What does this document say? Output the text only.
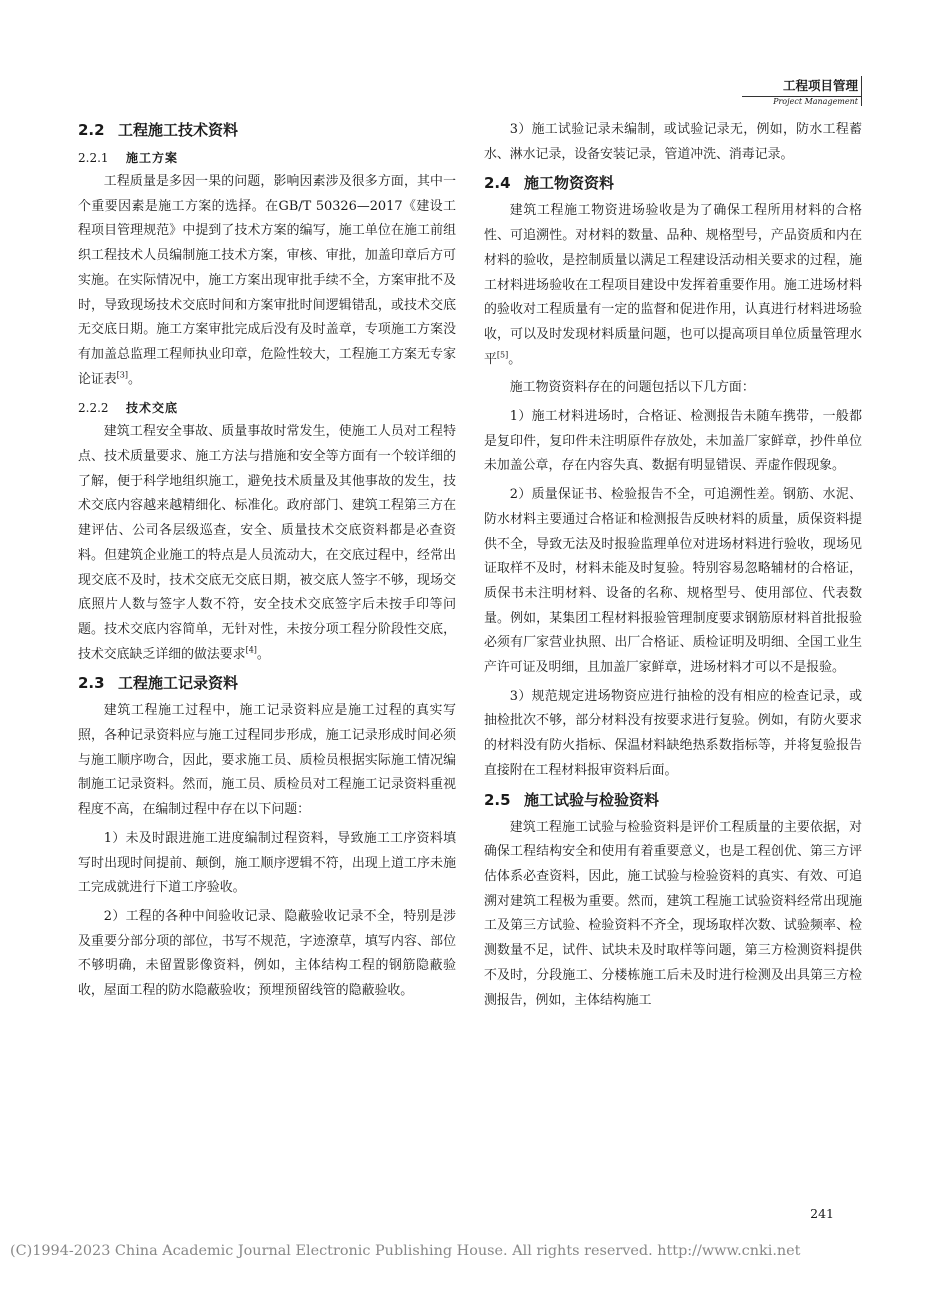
工程项目管理
Project Management
2.2 工程施工技术资料
2.2.1 施工方案

工程质量是多因一果的问题，影响因素涉及很多方面，其中一个重要因素是施工方案的选择。在GB/T 50326—2017《建设工程项目管理规范》中提到了技术方案的编写，施工单位在施工前组织工程技术人员编制施工技术方案，审核、审批，加盖印章后方可实施。在实际情况中，施工方案出现审批手续不全，方案审批不及时，导致现场技术交底时间和方案审批时间逻辑错乱，或技术交底无交底日期。施工方案审批完成后没有及时盖章，专项施工方案没有加盖总监理工程师执业印章，危险性较大，工程施工方案无专家论证表[3]。

2.2.2 技术交底

建筑工程安全事故、质量事故时常发生，使施工人员对工程特点、技术质量要求、施工方法与措施和安全等方面有一个较详细的了解，便于科学地组织施工，避免技术质量及其他事故的发生，技术交底内容越来越精细化、标准化。政府部门、建筑工程第三方在建评估、公司各层级巡查，安全、质量技术交底资料都是必查资料。但建筑企业施工的特点是人员流动大，在交底过程中，经常出现交底不及时，技术交底无交底日期，被交底人签字不够，现场交底照片人数与签字人数不符，安全技术交底签字后未按手印等问题。技术交底内容简单，无针对性，未按分项工程分阶段性交底，技术交底缺乏详细的做法要求[4]。

2.3 工程施工记录资料

建筑工程施工过程中，施工记录资料应是施工过程的真实写照，各种记录资料应与施工过程同步形成，施工记录形成时间必须与施工顺序吻合，因此，要求施工员、质检员根据实际施工情况编制施工记录资料。然而，施工员、质检员对工程施工记录资料重视程度不高，在编制过程中存在以下问题：

1）未及时跟进施工进度编制过程资料，导致施工工序资料填写时出现时间提前、颠倒，施工顺序逻辑不符，出现上道工序未施工完成就进行下道工序验收。

2）工程的各种中间验收记录、隐蔽验收记录不全，特别是涉及重要分部分项的部位，书写不规范，字迹潦草，填写内容、部位不够明确，未留置影像资料，例如，主体结构工程的钢筋隐蔽验收，屋面工程的防水隐蔽验收；预埋预留线管的隐蔽验收。

3）施工试验记录未编制，或试验记录无，例如，防水工程蓄水、淋水记录，设备安装记录，管道冲洗、消毒记录。

2.4 施工物资资料

建筑工程施工物资进场验收是为了确保工程所用材料的合格性、可追溯性。对材料的数量、品种、规格型号，产品资质和内在材料的验收，是控制质量以满足工程建设活动相关要求的过程，施工材料进场验收在工程项目建设中发挥着重要作用。施工进场材料的验收对工程质量有一定的监督和促进作用，认真进行材料进场验收，可以及时发现材料质量问题，也可以提高项目单位质量管理水平[5]。

施工物资资料存在的问题包括以下几方面：

1）施工材料进场时，合格证、检测报告未随车携带，一般都是复印件，复印件未注明原件存放处，未加盖厂家鲜章，抄件单位未加盖公章，存在内容失真、数据有明显错误、弄虚作假现象。

2）质量保证书、检验报告不全，可追溯性差。钢筋、水泥、防水材料主要通过合格证和检测报告反映材料的质量，质保资料提供不全，导致无法及时报验监理单位对进场材料进行验收，现场见证取样不及时，材料未能及时复验。特别容易忽略辅材的合格证，质保书未注明材料、设备的名称、规格型号、使用部位、代表数量。例如，某集团工程材料报验管理制度要求钢筋原材料首批报验必须有厂家营业执照、出厂合格证、质检证明及明细、全国工业生产许可证及明细，且加盖厂家鲜章，进场材料才可以不是报验。

3）规范规定进场物资应进行抽检的没有相应的检查记录，或抽检批次不够，部分材料没有按要求进行复验。例如，有防火要求的材料没有防火指标、保温材料缺绝热系数指标等，并将复验报告直接附在工程材料报审资料后面。

2.5 施工试验与检验资料

建筑工程施工试验与检验资料是评价工程质量的主要依据，对确保工程结构安全和使用有着重要意义，也是工程创优、第三方评估体系必查资料，因此，施工试验与检验资料的真实、有效、可追溯对建筑工程极为重要。然而，建筑工程施工试验资料经常出现施工及第三方试验、检验资料不齐全，现场取样次数、试验频率、检测数量不足，试件、试块未及时取样等问题，第三方检测资料提供不及时，分段施工、分楼栋施工后未及时进行检测及出具第三方检测报告，例如，主体结构施工

241
(C)1994-2023 China Academic Journal Electronic Publishing House. All rights reserved. http://www.cnki.net
